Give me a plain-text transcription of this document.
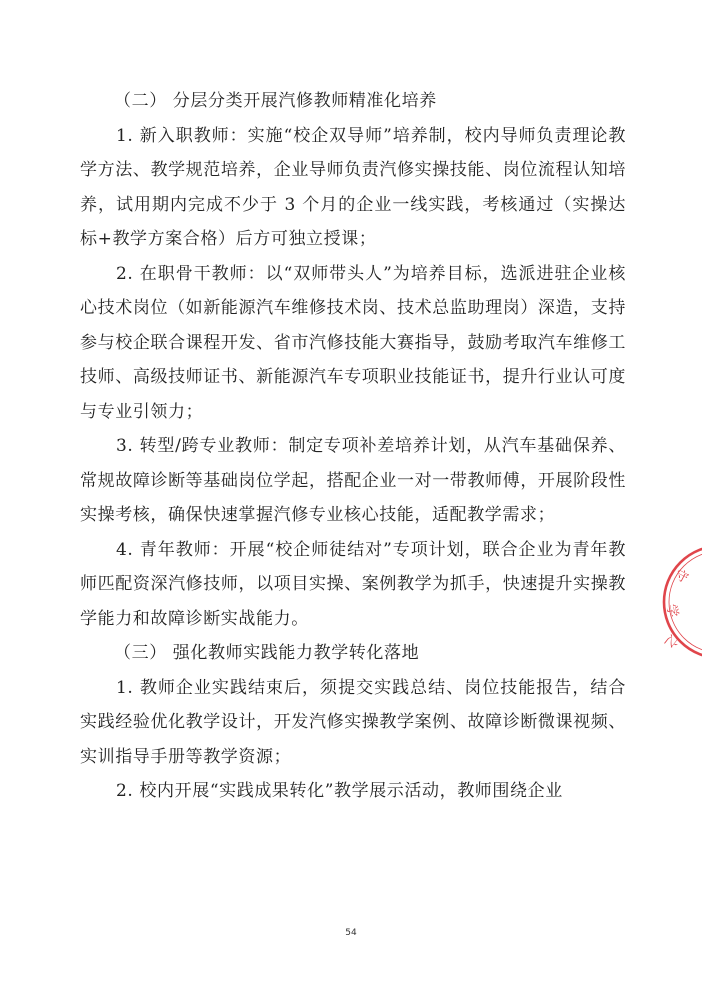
（二） 分层分类开展汽修教师精准化培养

1. 新入职教师：实施“校企双导师”培养制，校内导师负责理论教学方法、教学规范培养，企业导师负责汽修实操技能、岗位流程认知培养，试用期内完成不少于 3 个月的企业一线实践，考核通过（实操达标+教学方案合格）后方可独立授课；

2. 在职骨干教师：以“双师带头人”为培养目标，选派进驻企业核心技术岗位（如新能源汽车维修技术岗、技术总监助理岗）深造，支持参与校企联合课程开发、省市汽修技能大赛指导，鼓励考取汽车维修工技师、高级技师证书、新能源汽车专项职业技能证书，提升行业认可度与专业引领力；

3. 转型/跨专业教师：制定专项补差培养计划，从汽车基础保养、常规故障诊断等基础岗位学起，搭配企业一对一带教师傅，开展阶段性实操考核，确保快速掌握汽修专业核心技能，适配教学需求；

4. 青年教师：开展“校企师徒结对”专项计划，联合企业为青年教师匹配资深汽修技师，以项目实操、案例教学为抓手，快速提升实操教学能力和故障诊断实战能力。

（三） 强化教师实践能力教学转化落地

1. 教师企业实践结束后，须提交实践总结、岗位技能报告，结合实践经验优化教学设计，开发汽修实操教学案例、故障诊断微课视频、实训指导手册等教学资源；

2. 校内开展“实践成果转化”教学展示活动，教师围绕企业

54
守
学
之
